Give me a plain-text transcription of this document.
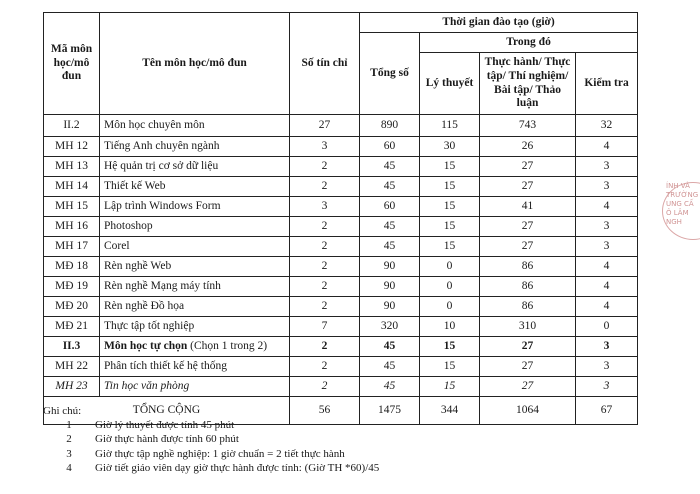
Mã môn học/mô đun	Tên môn học/mô đun	Số tín chỉ	Thời gian đào tạo (giờ)			
			Tổng số	Trong đó		
				Lý thuyết	Thực hành/ Thực tập/ Thí nghiệm/ Bài tập/ Thảo luận	Kiểm tra
II.2	Môn học chuyên môn	27	890	115	743	32
MH 12	Tiếng Anh chuyên ngành	3	60	30	26	4
MH 13	Hệ quản trị cơ sở dữ liệu	2	45	15	27	3
MH 14	Thiết kế Web	2	45	15	27	3
MH 15	Lập trình Windows Form	3	60	15	41	4
MH 16	Photoshop	2	45	15	27	3
MH 17	Corel	2	45	15	27	3
MĐ 18	Rèn nghề Web	2	90	0	86	4
MĐ 19	Rèn nghề Mạng máy tính	2	90	0	86	4
MĐ 20	Rèn nghề Đồ họa	2	90	0	86	4
MĐ 21	Thực tập tốt nghiệp	7	320	10	310	0
II.3	Môn học tự chọn (Chọn 1 trong 2)	2	45	15	27	3
MH 22	Phân tích thiết kế hệ thống	2	45	15	27	3
MH 23	Tin học văn phòng	2	45	15	27	3
TỔNG CỘNG		56	1475	344	1064	67
Ghi chú:
1	Giờ lý thuyết được tính 45 phút
2	Giờ thực hành được tính 60 phút
3	Giờ thực tập nghề nghiệp: 1 giờ chuẩn = 2 tiết thực hành
4	Giờ tiết giáo viên dạy giờ thực hành được tính: (Giờ TH *60)/45
ÍNH VÀ
TRƯỜNG
UNG CẤ
Ô LÂM NGH
